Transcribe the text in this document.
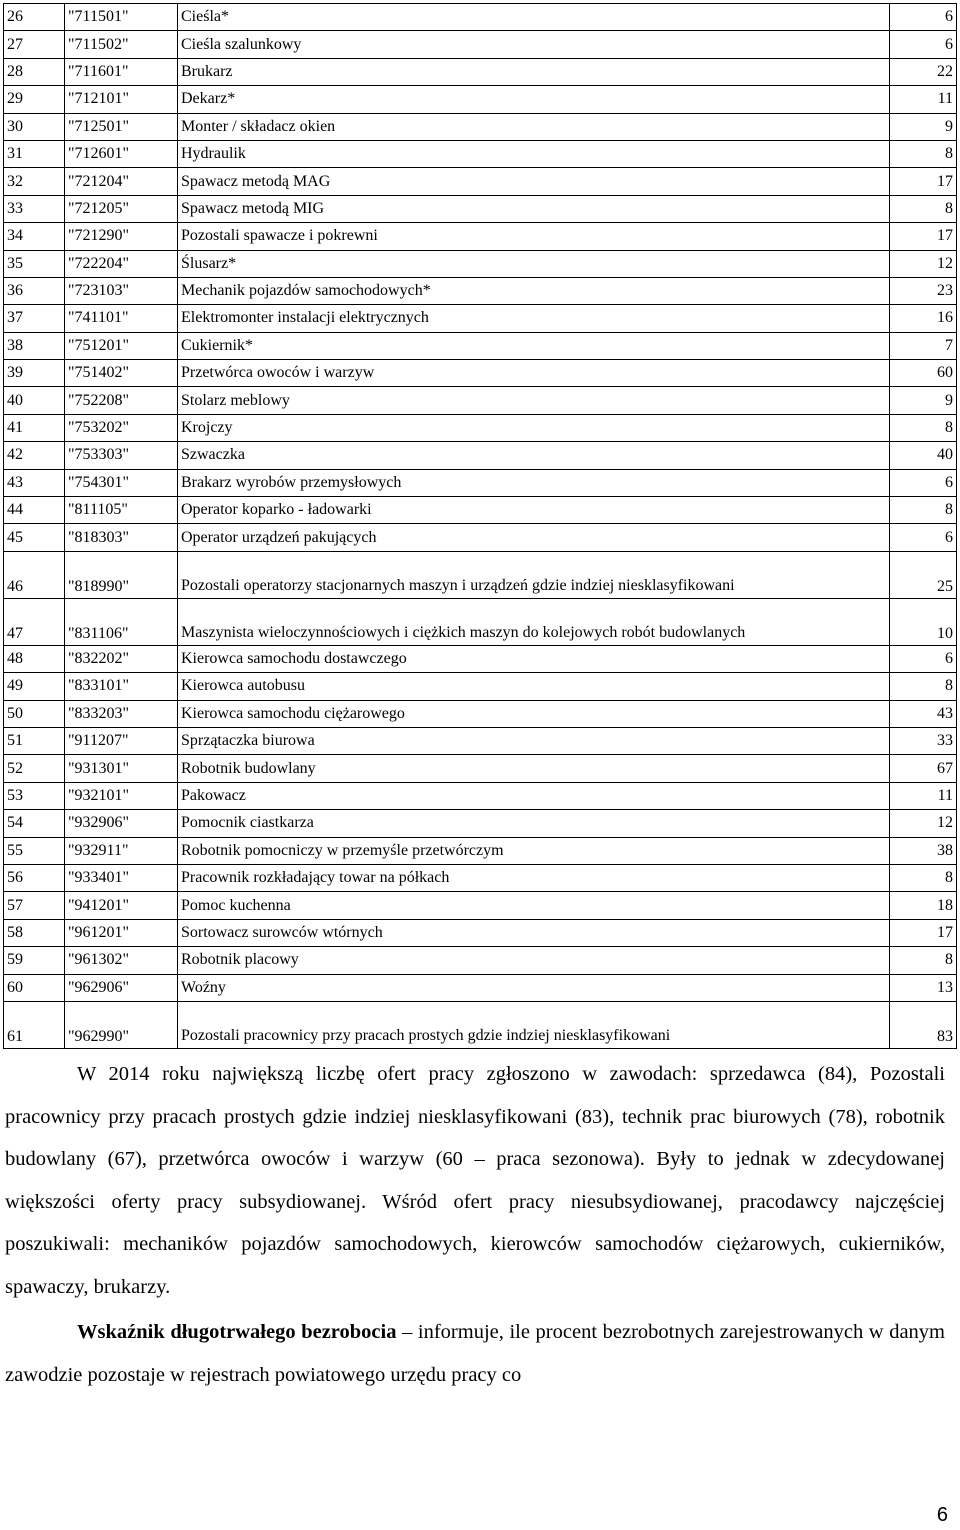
26	"711501"	Cieśla*	6
27	"711502"	Cieśla szalunkowy	6
28	"711601"	Brukarz	22
29	"712101"	Dekarz*	11
30	"712501"	Monter / składacz okien	9
31	"712601"	Hydraulik	8
32	"721204"	Spawacz metodą MAG	17
33	"721205"	Spawacz metodą MIG	8
34	"721290"	Pozostali spawacze i pokrewni	17
35	"722204"	Ślusarz*	12
36	"723103"	Mechanik pojazdów samochodowych*	23
37	"741101"	Elektromonter instalacji elektrycznych	16
38	"751201"	Cukiernik*	7
39	"751402"	Przetwórca owoców i warzyw	60
40	"752208"	Stolarz meblowy	9
41	"753202"	Krojczy	8
42	"753303"	Szwaczka	40
43	"754301"	Brakarz wyrobów przemysłowych	6
44	"811105"	Operator koparko - ładowarki	8
45	"818303"	Operator urządzeń pakujących	6
46	"818990"	Pozostali operatorzy stacjonarnych maszyn i urządzeń gdzie indziej niesklasyfikowani	25
47	"831106"	Maszynista wieloczynnościowych i ciężkich maszyn do kolejowych robót budowlanych	10
48	"832202"	Kierowca samochodu dostawczego	6
49	"833101"	Kierowca autobusu	8
50	"833203"	Kierowca samochodu ciężarowego	43
51	"911207"	Sprzątaczka biurowa	33
52	"931301"	Robotnik budowlany	67
53	"932101"	Pakowacz	11
54	"932906"	Pomocnik ciastkarza	12
55	"932911"	Robotnik pomocniczy w przemyśle przetwórczym	38
56	"933401"	Pracownik rozkładający towar na półkach	8
57	"941201"	Pomoc kuchenna	18
58	"961201"	Sortowacz surowców wtórnych	17
59	"961302"	Robotnik placowy	8
60	"962906"	Woźny	13
61	"962990"	Pozostali pracownicy przy pracach prostych gdzie indziej niesklasyfikowani	83
W 2014 roku największą liczbę ofert pracy zgłoszono w zawodach: sprzedawca (84), Pozostali pracownicy przy pracach prostych gdzie indziej niesklasyfikowani (83), technik prac biurowych (78), robotnik budowlany (67), przetwórca owoców i warzyw (60 – praca sezonowa). Były to jednak w zdecydowanej większości oferty pracy subsydiowanej. Wśród ofert pracy niesubsydiowanej, pracodawcy najczęściej poszukiwali: mechaników pojazdów samochodowych, kierowców samochodów ciężarowych, cukierników, spawaczy, brukarzy.
Wskaźnik długotrwałego bezrobocia – informuje, ile procent bezrobotnych zarejestrowanych w danym zawodzie pozostaje w rejestrach powiatowego urzędu pracy co
6
